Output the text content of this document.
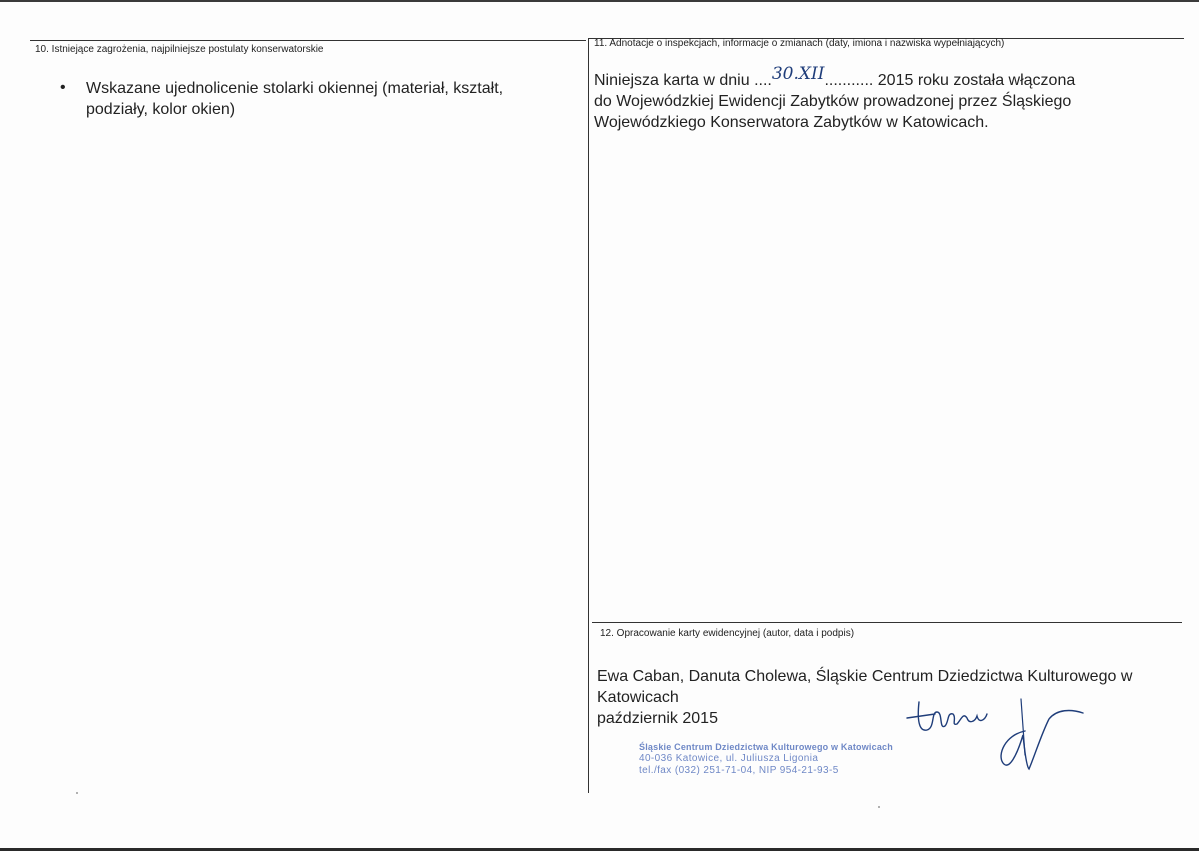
10. Istniejące zagrożenia, najpilniejsze postulaty konserwatorskie
• Wskazane ujednolicenie stolarki okiennej (materiał, kształt,
podziały, kolor okien)
11. Adnotacje o inspekcjach, informacje o zmianach (daty, imiona i nazwiska wypełniających)
Niniejsza karta w dniu ....30.XII........... 2015 roku została włączona
do Wojewódzkiej Ewidencji Zabytków prowadzonej przez Śląskiego
Wojewódzkiego Konserwatora Zabytków w Katowicach.
12. Opracowanie karty ewidencyjnej (autor, data i podpis)
Ewa Caban, Danuta Cholewa, Śląskie Centrum Dziedzictwa Kulturowego w
Katowicach
październik 2015
Śląskie Centrum Dziedzictwa Kulturowego w Katowicach
40-036 Katowice, ul. Juliusza Ligonia
tel./fax (032) 251-71-04, NIP 954-21-93-5
